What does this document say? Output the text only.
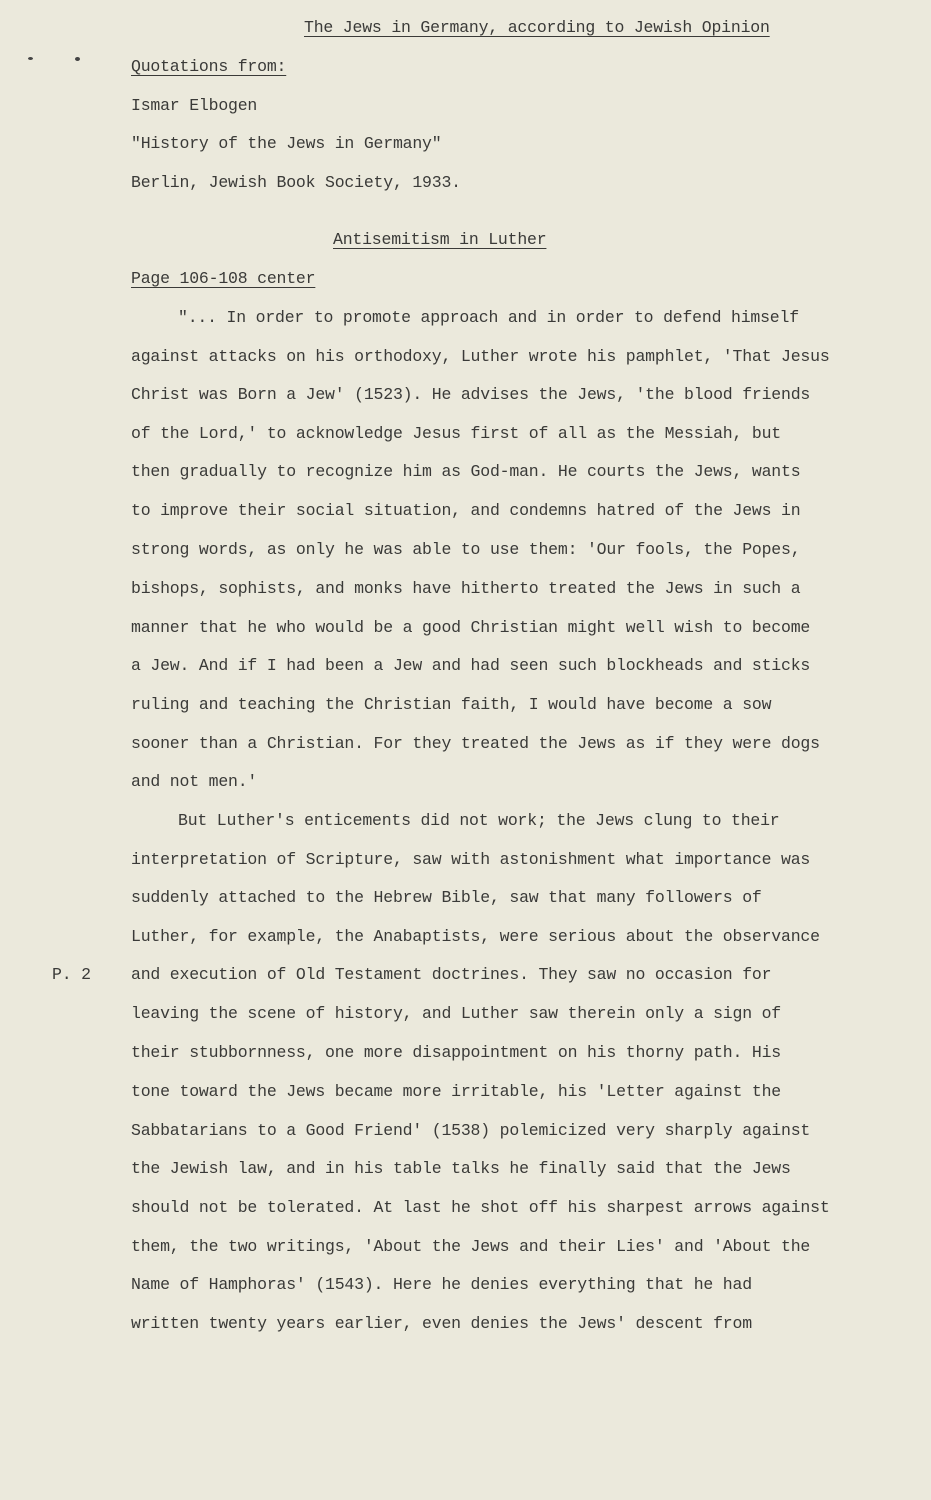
The Jews in Germany, according to Jewish Opinion
Quotations from:
Ismar Elbogen
"History of the Jews in Germany"
Berlin, Jewish Book Society, 1933.
Antisemitism in Luther
Page 106-108 center
"... In order to promote approach and in order to defend himself
against attacks on his orthodoxy, Luther wrote his pamphlet, 'That Jesus
Christ was Born a Jew' (1523). He advises the Jews, 'the blood friends
of the Lord,' to acknowledge Jesus first of all as the Messiah, but
then gradually to recognize him as God-man. He courts the Jews, wants
to improve their social situation, and condemns hatred of the Jews in
strong words, as only he was able to use them: 'Our fools, the Popes,
bishops, sophists, and monks have hitherto treated the Jews in such a
manner that he who would be a good Christian might well wish to become
a Jew. And if I had been a Jew and had seen such blockheads and sticks
ruling and teaching the Christian faith, I would have become a sow
sooner than a Christian. For they treated the Jews as if they were dogs
and not men.'
But Luther's enticements did not work; the Jews clung to their
interpretation of Scripture, saw with astonishment what importance was
suddenly attached to the Hebrew Bible, saw that many followers of
Luther, for example, the Anabaptists, were serious about the observance
P. 2 and execution of Old Testament doctrines. They saw no occasion for
leaving the scene of history, and Luther saw therein only a sign of
their stubbornness, one more disappointment on his thorny path. His
tone toward the Jews became more irritable, his 'Letter against the
Sabbatarians to a Good Friend' (1538) polemicized very sharply against
the Jewish law, and in his table talks he finally said that the Jews
should not be tolerated. At last he shot off his sharpest arrows against
them, the two writings, 'About the Jews and their Lies' and 'About the
Name of Hamphoras' (1543). Here he denies everything that he had
written twenty years earlier, even denies the Jews' descent from
